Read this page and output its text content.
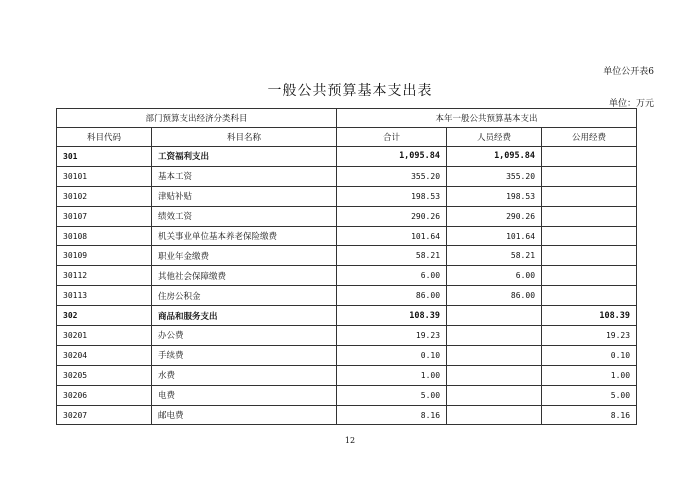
单位公开表6
一般公共预算基本支出表
单位：万元
部门预算支出经济分类科目		本年一般公共预算基本支出		
科目代码	科目名称	合计	人员经费	公用经费
301	工资福利支出	1,095.84	1,095.84	
30101	基本工资	355.20	355.20	
30102	津贴补贴	198.53	198.53	
30107	绩效工资	290.26	290.26	
30108	机关事业单位基本养老保险缴费	101.64	101.64	
30109	职业年金缴费	58.21	58.21	
30112	其他社会保障缴费	6.00	6.00	
30113	住房公积金	86.00	86.00	
302	商品和服务支出	108.39		108.39
30201	办公费	19.23		19.23
30204	手续费	0.10		0.10
30205	水费	1.00		1.00
30206	电费	5.00		5.00
30207	邮电费	8.16		8.16
12
